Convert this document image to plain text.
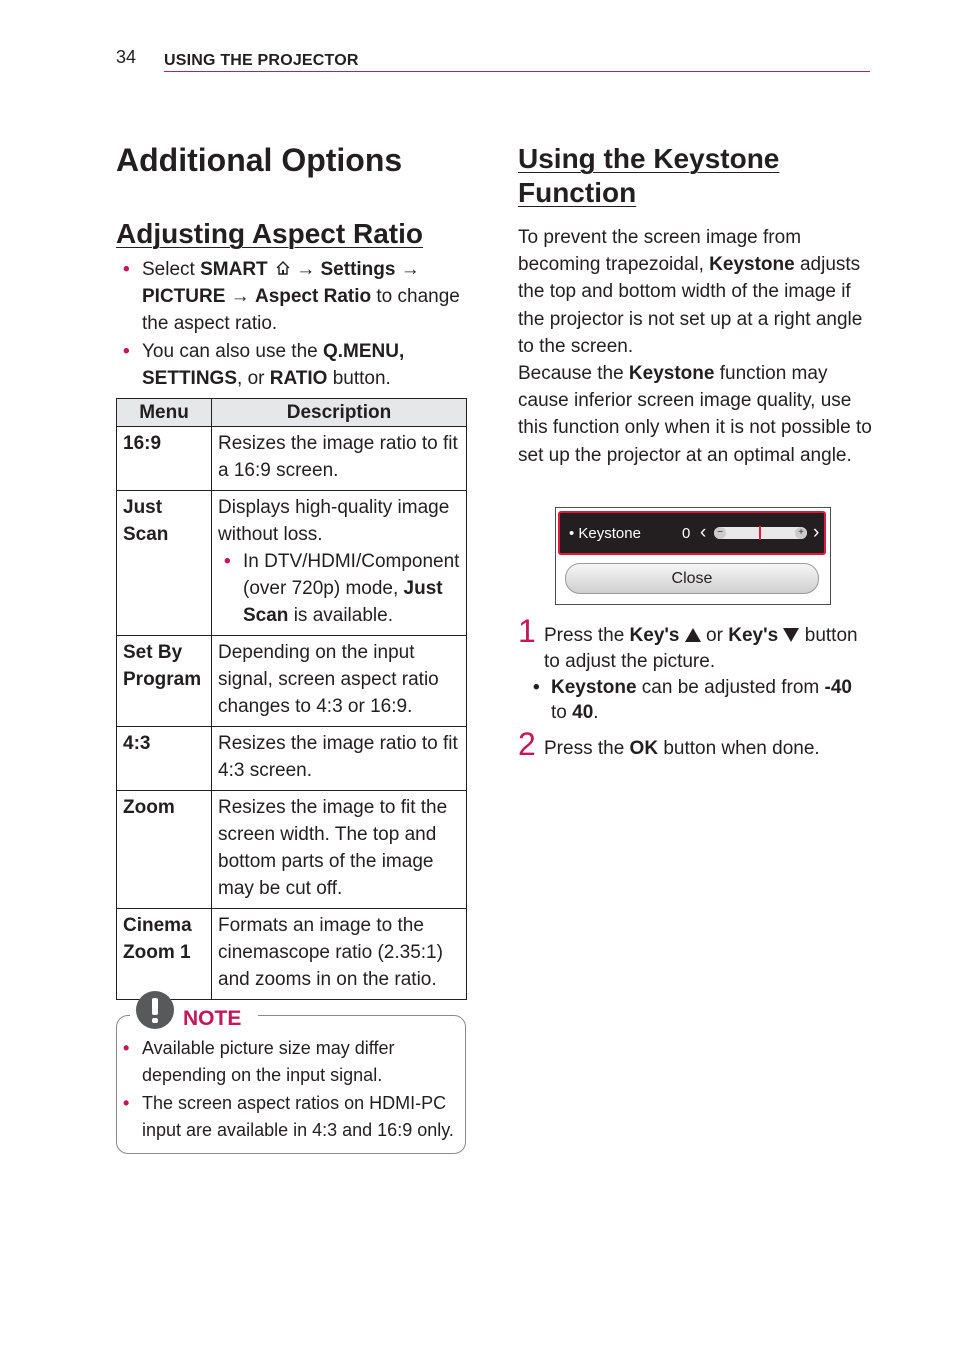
34 USING THE PROJECTOR
Additional Options
Adjusting Aspect Ratio
• Select SMART  → Settings → PICTURE → Aspect Ratio to change the aspect ratio.
• You can also use the Q.MENU, SETTINGS, or RATIO button.
Menu	Description
16:9	Resizes the image ratio to fit a 16:9 screen.
Just Scan	Displays high-quality image without loss.
• In DTV/HDMI/Component (over 720p) mode, Just Scan is available.

Set By Program	Depending on the input signal, screen aspect ratio changes to 4:3 or 16:9.
4:3	Resizes the image ratio to fit 4:3 screen.
Zoom	Resizes the image to fit the screen width. The top and bottom parts of the image may be cut off.
Cinema Zoom 1	Formats an image to the cinemascope ratio (2.35:1) and zooms in on the ratio.
NOTE
• Available picture size may differ depending on the input signal.
• The screen aspect ratios on HDMI-PC input are available in 4:3 and 16:9 only.
Using the Keystone Function
To prevent the screen image from becoming trapezoidal, Keystone adjusts the top and bottom width of the image if the projector is not set up at a right angle to the screen.
Because the Keystone function may cause inferior screen image quality, use this function only when it is not possible to set up the projector at an optimal angle.
• Keystone	0 ‹	−	+ ›
Close
1 Press the Key's  or Key's  button to adjust the picture.
• Keystone can be adjusted from -40 to 40.
2 Press the OK button when done.
